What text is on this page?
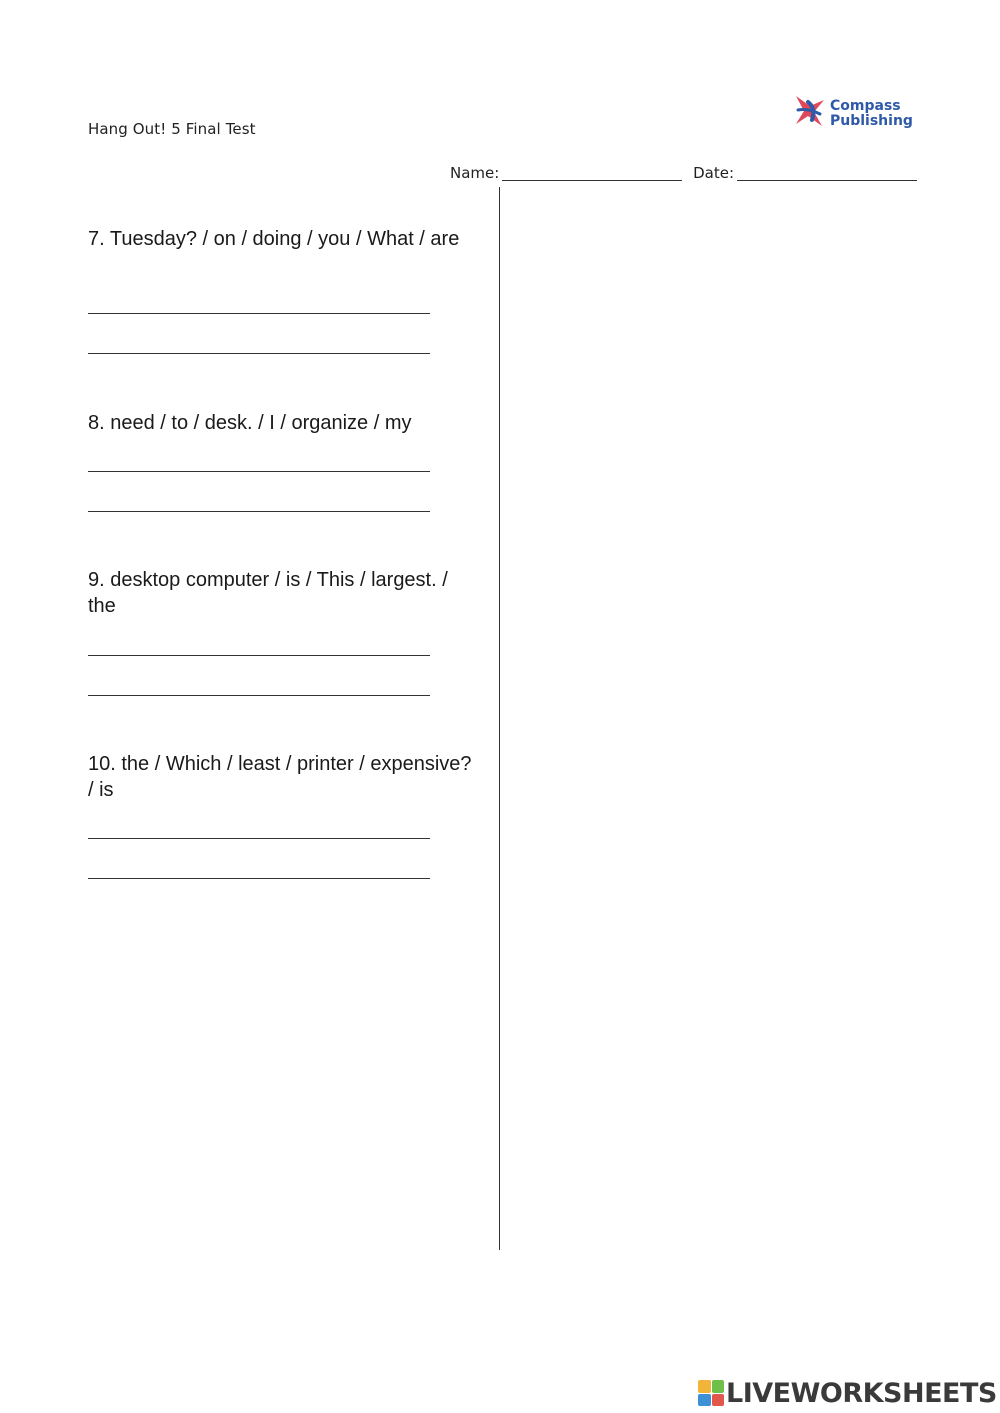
Hang Out! 5 Final Test
Compass
Publishing
Name:	Date:
7. Tuesday? / on / doing / you / What / are
8. need / to / desk. / I / organize / my
9. desktop computer / is / This / largest. / the
10. the / Which / least / printer / expensive? / is
LIVEWORKSHEETS
